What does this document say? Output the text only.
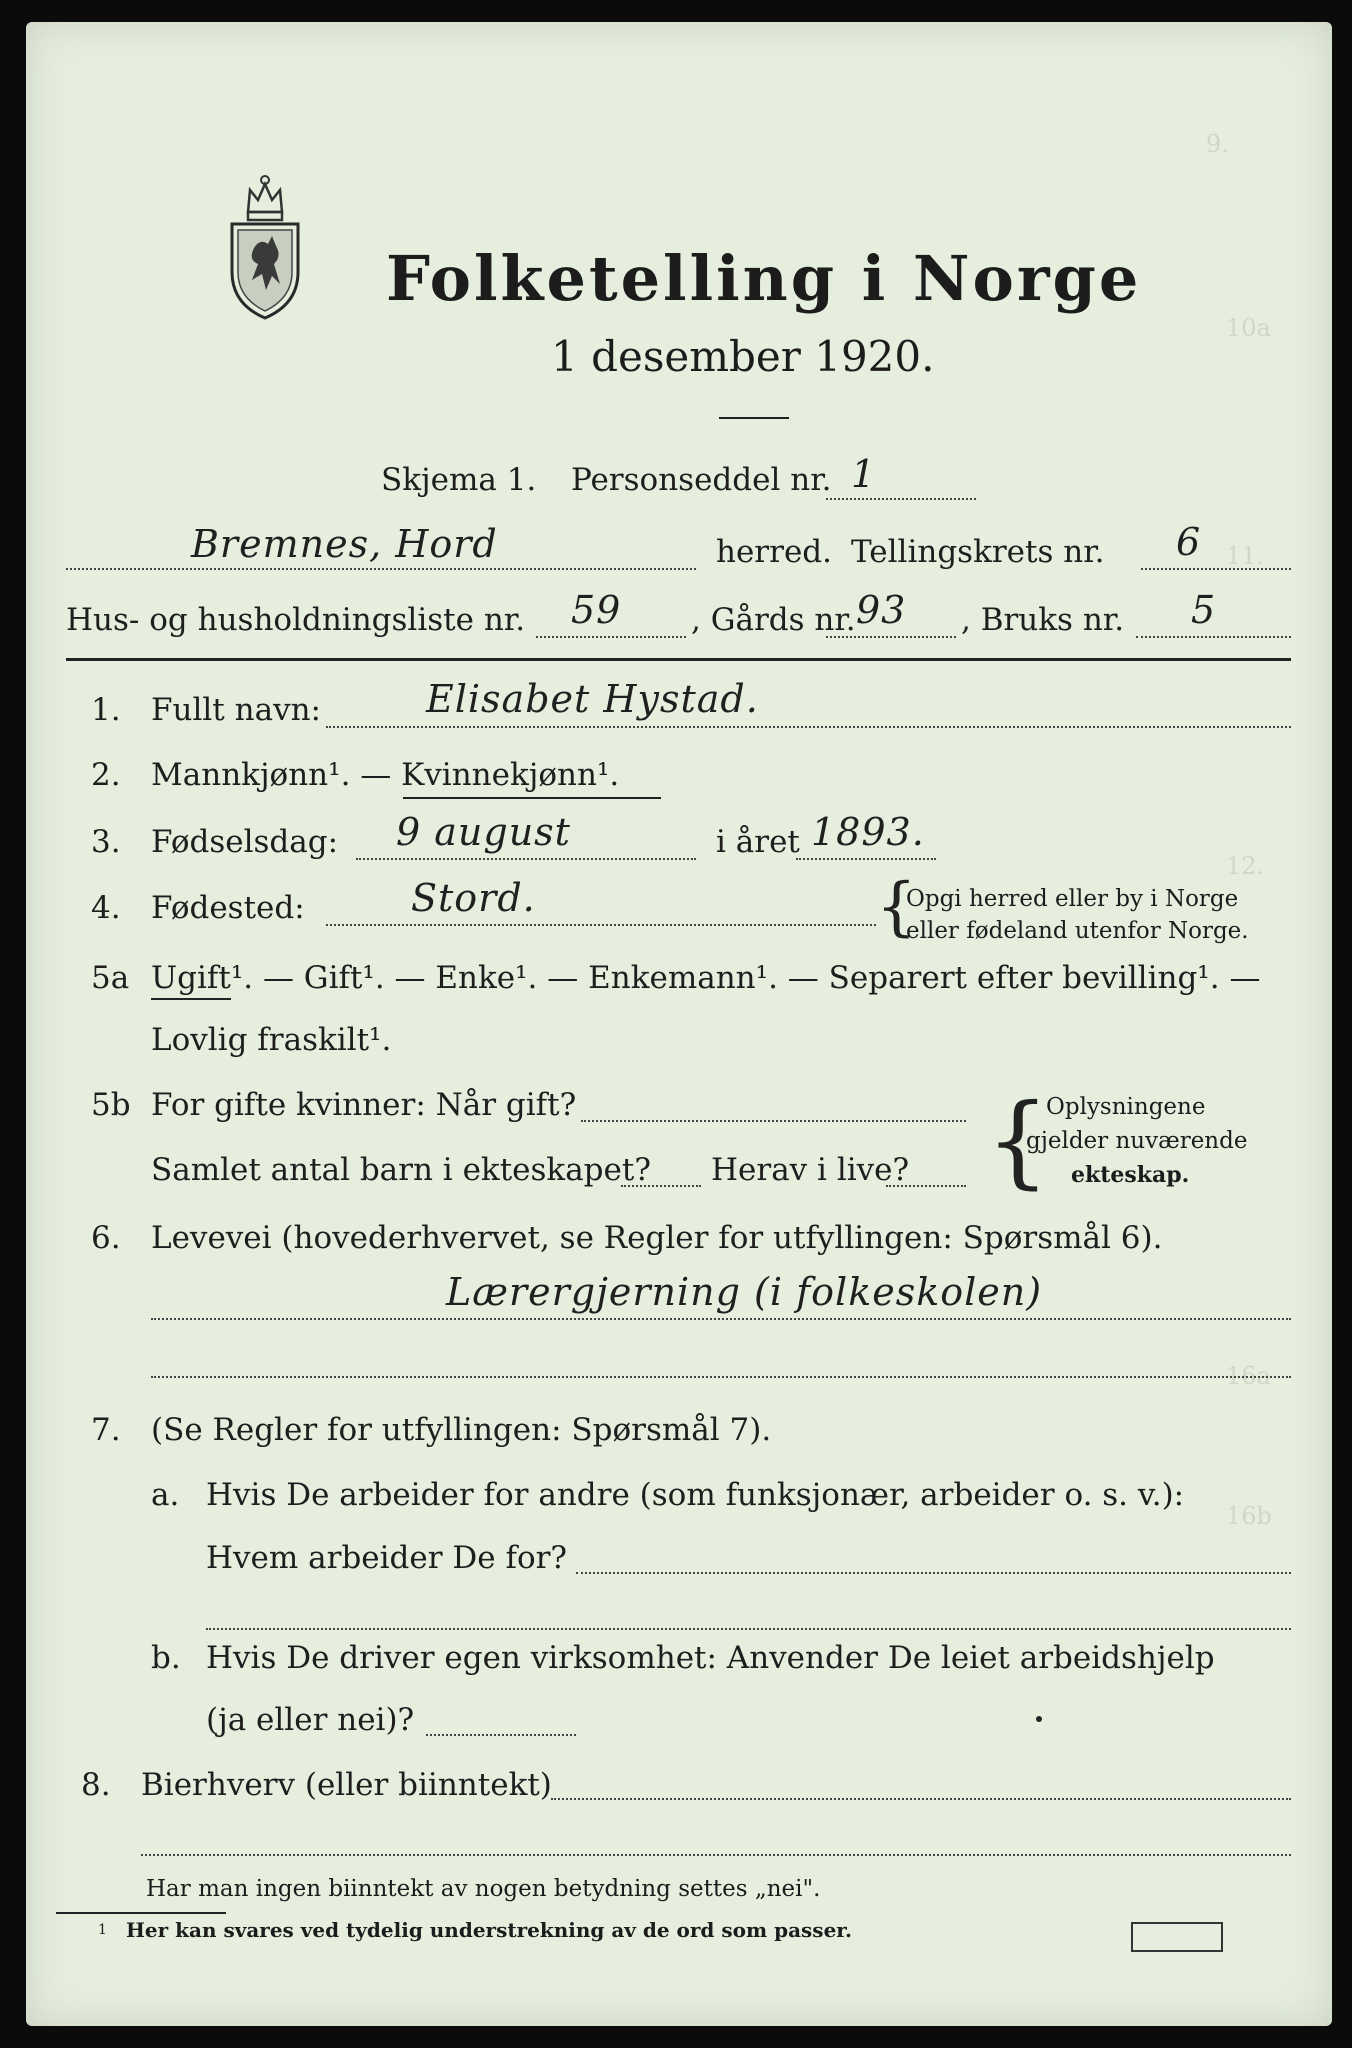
9.
10a
11.
12.
16a
16b
Folketelling i Norge
1 desember 1920.
Skjema 1. Personseddel nr. 1
Bremnes, Hord	herred. Tellingskrets nr. 6
Hus- og husholdningsliste nr. 59 , Gårds nr. 93 , Bruks nr. 5
1. Fullt navn:	Elisabet Hystad.
2. Mannkjønn¹. — Kvinnekjønn¹.
3. Fødselsdag: 9 august	i året 1893.
4. Fødested:	Stord.	{
Opgi herred eller by i Norge
eller fødeland utenfor Norge.
5a Ugift¹. — Gift¹. — Enke¹. — Enkemann¹. — Separert efter bevilling¹. —
Lovlig fraskilt¹.
5b For gifte kvinner: Når gift?
Samlet antal barn i ekteskapet? Herav i live? {
Oplysningene
gjelder nuværende
ekteskap.
6. Levevei (hovederhvervet, se Regler for utfyllingen: Spørsmål 6).
Lærergjerning (i folkeskolen)
7. (Se Regler for utfyllingen: Spørsmål 7).
a. Hvis De arbeider for andre (som funksjonær, arbeider o. s. v.):
Hvem arbeider De for?
b. Hvis De driver egen virksomhet: Anvender De leiet arbeidshjelp
(ja eller nei)?
8. Bierhverv (eller biinntekt)
Har man ingen biinntekt av nogen betydning settes „nei".
1 Her kan svares ved tydelig understrekning av de ord som passer.
